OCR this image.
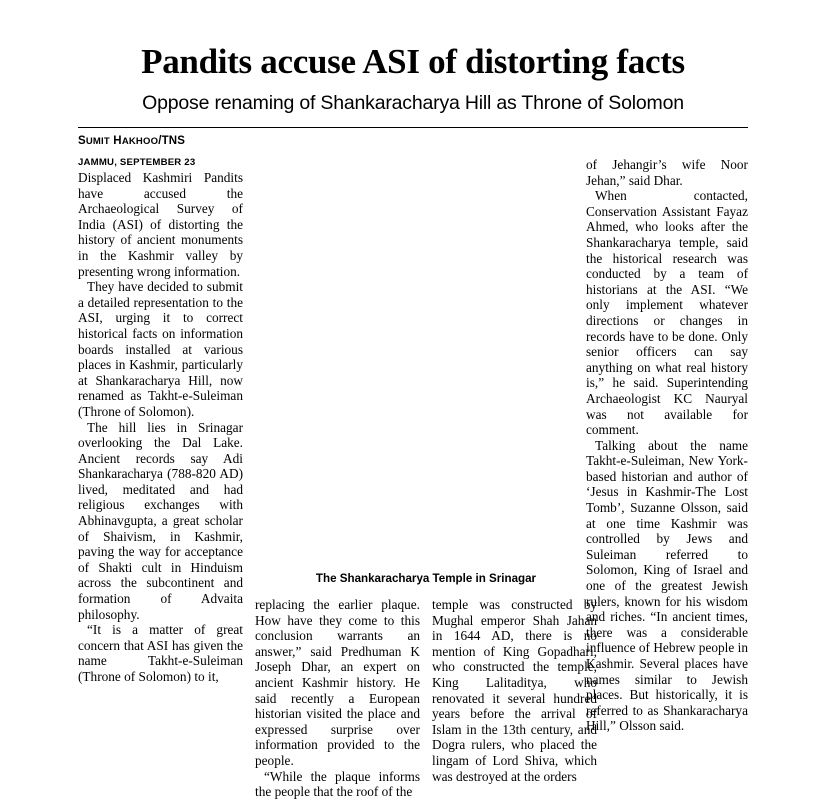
Pandits accuse ASI of distorting facts
Oppose renaming of Shankaracharya Hill as Throne of Solomon
SUMIT HAKHOO/TNS
JAMMU, SEPTEMBER 23

Displaced Kashmiri Pandits have accused the Archaeological Survey of India (ASI) of distorting the history of ancient monuments in the Kashmir valley by presenting wrong information.

They have decided to submit a detailed representation to the ASI, urging it to correct historical facts on information boards installed at various places in Kashmir, particularly at Shankaracharya Hill, now renamed as Takht-e-Suleiman (Throne of Solomon).

The hill lies in Srinagar overlooking the Dal Lake. Ancient records say Adi Shankaracharya (788-820 AD) lived, meditated and had religious exchanges with Abhinavgupta, a great scholar of Shaivism, in Kashmir, paving the way for acceptance of Shakti cult in Hinduism across the subcontinent and formation of Advaita philosophy.

“It is a matter of great concern that ASI has given the name Takht-e-Suleiman (Throne of Solomon) to it,

The Shankaracharya Temple in Srinagar

replacing the earlier plaque. How have they come to this conclusion warrants an answer,” said Predhuman K Joseph Dhar, an expert on ancient Kashmir history. He said recently a European historian visited the place and expressed surprise over information provided to the people.

“While the plaque informs the people that the roof of the

temple was constructed by Mughal emperor Shah Jahan in 1644 AD, there is no mention of King Gopadhari, who constructed the temple, King Lalitaditya, who renovated it several hundred years before the arrival of Islam in the 13th century, and Dogra rulers, who placed the lingam of Lord Shiva, which was destroyed at the orders

of Jehangir’s wife Noor Jehan,” said Dhar.

When contacted, Conservation Assistant Fayaz Ahmed, who looks after the Shankaracharya temple, said the historical research was conducted by a team of historians at the ASI. “We only implement whatever directions or changes in records have to be done. Only senior officers can say anything on what real history is,” he said. Superintending Archaeologist KC Nauryal was not available for comment.

Talking about the name Takht-e-Suleiman, New York-based historian and author of ‘Jesus in Kashmir-The Lost Tomb’, Suzanne Olsson, said at one time Kashmir was controlled by Jews and Suleiman referred to Solomon, King of Israel and one of the greatest Jewish rulers, known for his wisdom and riches. “In ancient times, there was a considerable influence of Hebrew people in Kashmir. Several places have names similar to Jewish places. But historically, it is referred to as Shankaracharya Hill,” Olsson said.
